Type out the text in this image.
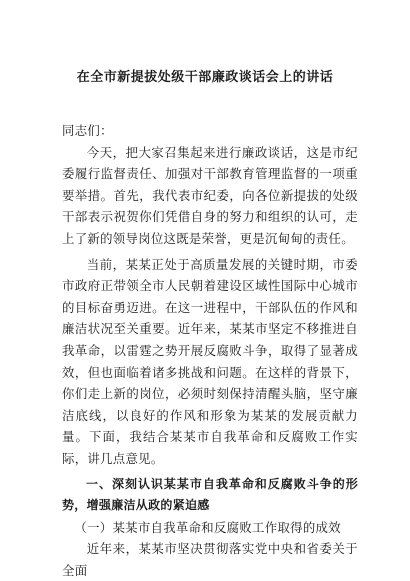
在全市新提拔处级干部廉政谈话会上的讲话

同志们：

今天，把大家召集起来进行廉政谈话，这是市纪委履行监督责任、加强对干部教育管理监督的一项重要举措。首先，我代表市纪委，向各位新提拔的处级干部表示祝贺你们凭借自身的努力和组织的认可，走上了新的领导岗位这既是荣誉，更是沉甸甸的责任。

当前，某某正处于高质量发展的关键时期，市委市政府正带领全市人民朝着建设区域性国际中心城市的目标奋勇迈进。在这一进程中，干部队伍的作风和廉洁状况至关重要。近年来，某某市坚定不移推进自我革命，以雷霆之势开展反腐败斗争，取得了显著成效，但也面临着诸多挑战和问题。在这样的背景下，你们走上新的岗位，必须时刻保持清醒头脑，坚守廉洁底线，以良好的作风和形象为某某的发展贡献力量。下面，我结合某某市自我革命和反腐败工作实际，讲几点意见。

一、深刻认识某某市自我革命和反腐败斗争的形势，增强廉洁从政的紧迫感

（一）某某市自我革命和反腐败工作取得的成效

近年来，某某市坚决贯彻落实党中央和省委关于全面
